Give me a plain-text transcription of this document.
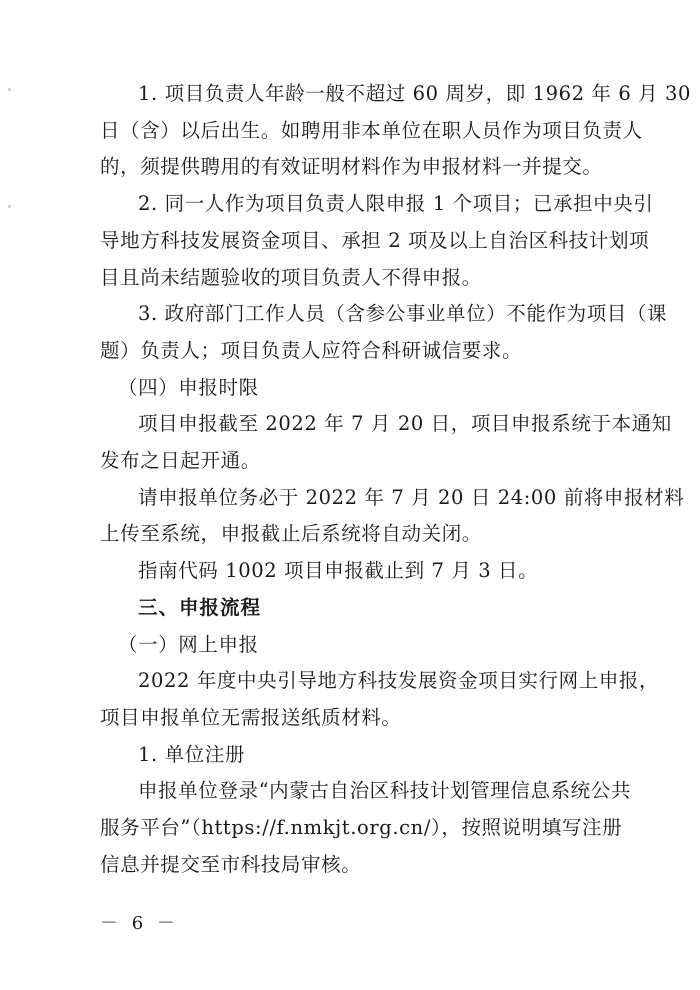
1. 项目负责人年龄一般不超过 60 周岁，即 1962 年 6 月 30
日（含）以后出生。如聘用非本单位在职人员作为项目负责人
的，须提供聘用的有效证明材料作为申报材料一并提交。
2. 同一人作为项目负责人限申报 1 个项目；已承担中央引
导地方科技发展资金项目、承担 2 项及以上自治区科技计划项
目且尚未结题验收的项目负责人不得申报。
3. 政府部门工作人员（含参公事业单位）不能作为项目（课
题）负责人；项目负责人应符合科研诚信要求。
（四）申报时限
项目申报截至 2022 年 7 月 20 日，项目申报系统于本通知
发布之日起开通。
请申报单位务必于 2022 年 7 月 20 日 24:00 前将申报材料
上传至系统，申报截止后系统将自动关闭。
指南代码 1002 项目申报截止到 7 月 3 日。
三、申报流程
（一）网上申报
2022 年度中央引导地方科技发展资金项目实行网上申报，
项目申报单位无需报送纸质材料。
1. 单位注册
申报单位登录“内蒙古自治区科技计划管理信息系统公共
服务平台”（https://f.nmkjt.org.cn/），按照说明填写注册
信息并提交至市科技局审核。
－ 6 －
